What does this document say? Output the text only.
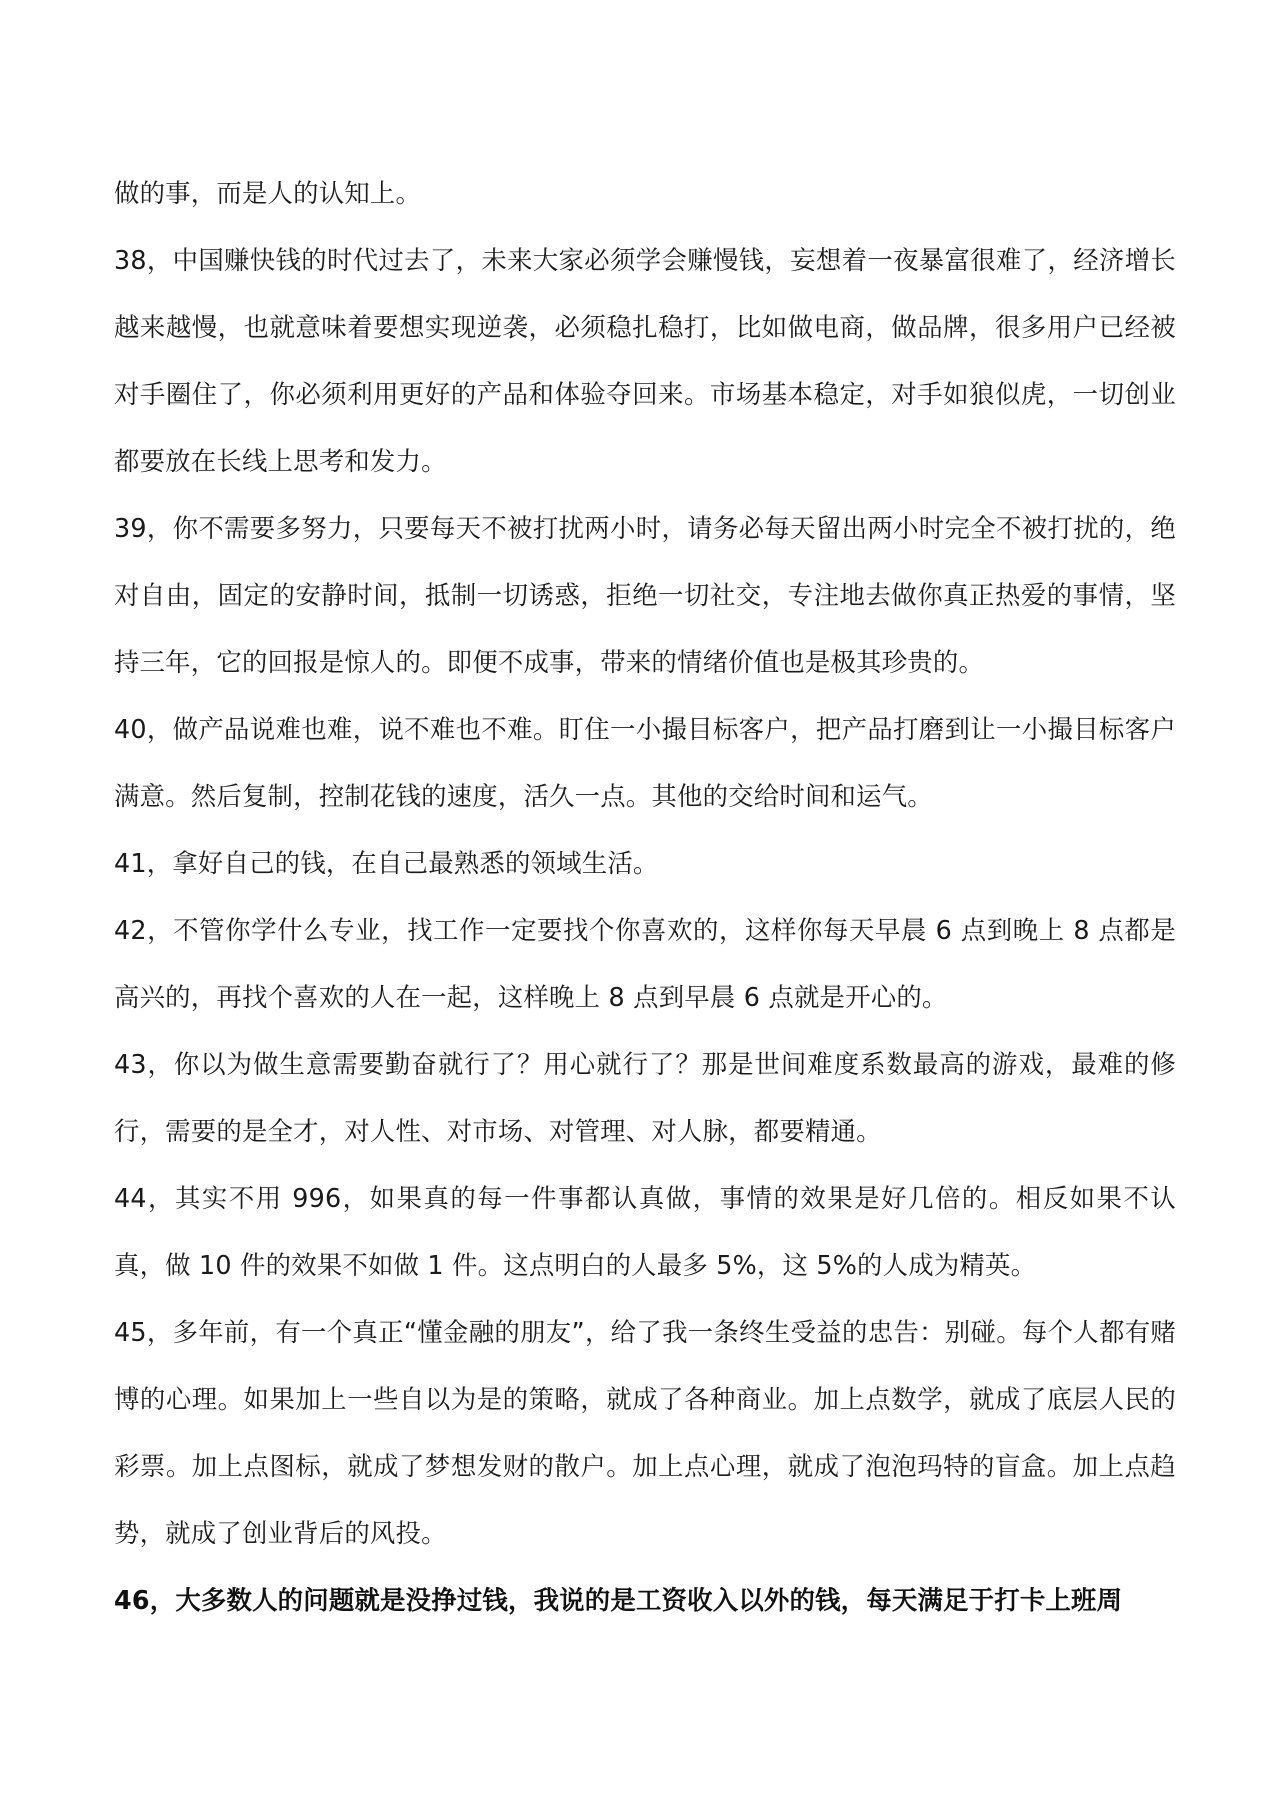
做的事，而是人的认知上。

38，中国赚快钱的时代过去了，未来大家必须学会赚慢钱，妄想着一夜暴富很难了，经济增长越来越慢，也就意味着要想实现逆袭，必须稳扎稳打，比如做电商，做品牌，很多用户已经被对手圈住了，你必须利用更好的产品和体验夺回来。市场基本稳定，对手如狼似虎，一切创业都要放在长线上思考和发力。

39，你不需要多努力，只要每天不被打扰两小时，请务必每天留出两小时完全不被打扰的，绝对自由，固定的安静时间，抵制一切诱惑，拒绝一切社交，专注地去做你真正热爱的事情，坚持三年，它的回报是惊人的。即便不成事，带来的情绪价值也是极其珍贵的。

40，做产品说难也难，说不难也不难。盯住一小撮目标客户，把产品打磨到让一小撮目标客户满意。然后复制，控制花钱的速度，活久一点。其他的交给时间和运气。

41，拿好自己的钱，在自己最熟悉的领域生活。

42，不管你学什么专业，找工作一定要找个你喜欢的，这样你每天早晨 6 点到晚上 8 点都是高兴的，再找个喜欢的人在一起，这样晚上 8 点到早晨 6 点就是开心的。

43，你以为做生意需要勤奋就行了？用心就行了？那是世间难度系数最高的游戏，最难的修行，需要的是全才，对人性、对市场、对管理、对人脉，都要精通。

44，其实不用 996，如果真的每一件事都认真做，事情的效果是好几倍的。相反如果不认真，做 10 件的效果不如做 1 件。这点明白的人最多 5%，这 5%的人成为精英。

45，多年前，有一个真正“懂金融的朋友”，给了我一条终生受益的忠告：别碰。每个人都有赌博的心理。如果加上一些自以为是的策略，就成了各种商业。加上点数学，就成了底层人民的彩票。加上点图标，就成了梦想发财的散户。加上点心理，就成了泡泡玛特的盲盒。加上点趋势，就成了创业背后的风投。

46，大多数人的问题就是没挣过钱，我说的是工资收入以外的钱，每天满足于打卡上班周
